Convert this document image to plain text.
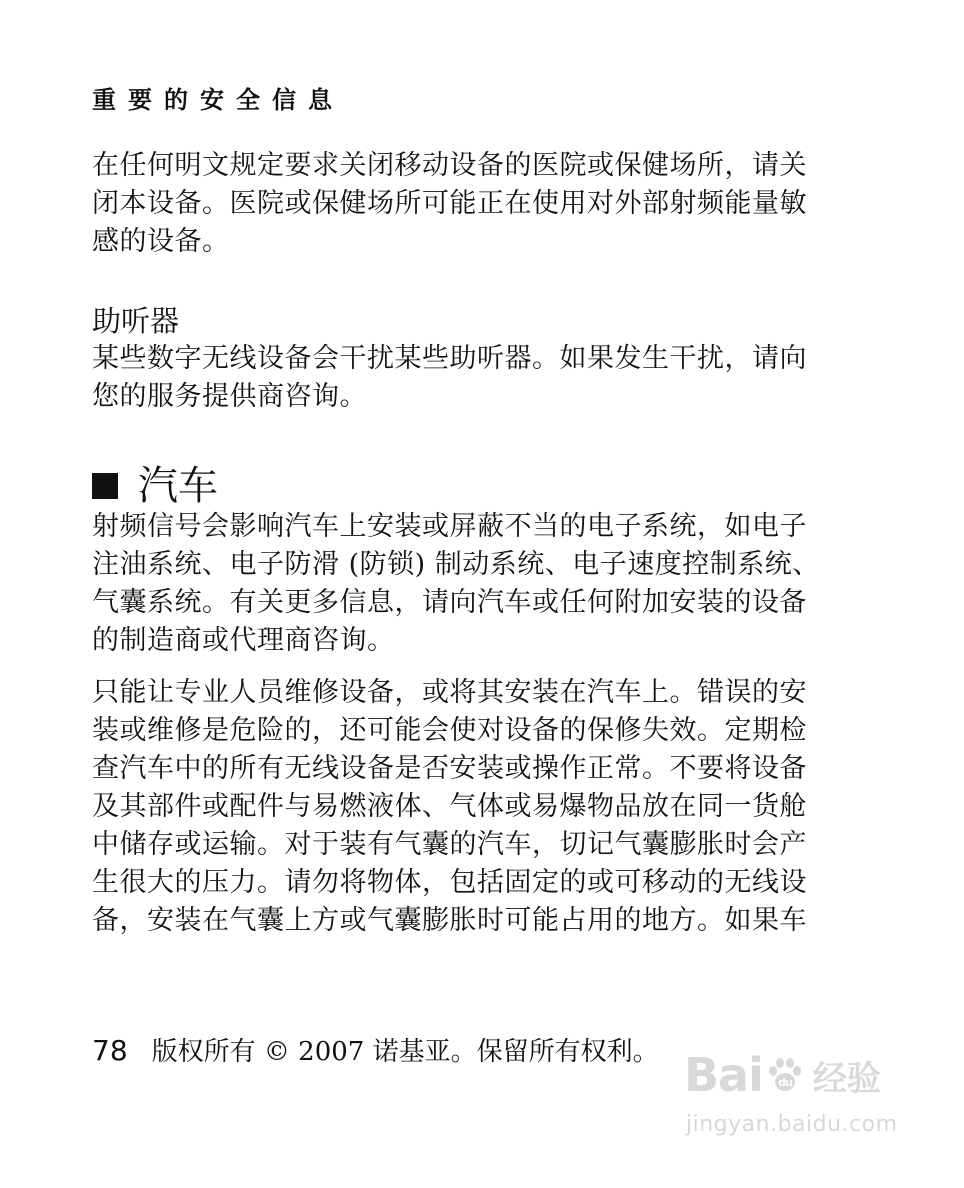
重要的安全信息

在任何明文规定要求关闭移动设备的医院或保健场所，请关闭本设备。医院或保健场所可能正在使用对外部射频能量敏感的设备。

助听器

某些数字无线设备会干扰某些助听器。如果发生干扰，请向您的服务提供商咨询。

汽车

射频信号会影响汽车上安装或屏蔽不当的电子系统，如电子注油系统、电子防滑 (防锁) 制动系统、电子速度控制系统、气囊系统。有关更多信息，请向汽车或任何附加安装的设备的制造商或代理商咨询。

只能让专业人员维修设备，或将其安装在汽车上。错误的安装或维修是危险的，还可能会使对设备的保修失效。定期检查汽车中的所有无线设备是否安装或操作正常。不要将设备及其部件或配件与易燃液体、气体或易爆物品放在同一货舱中储存或运输。对于装有气囊的汽车，切记气囊膨胀时会产生很大的压力。请勿将物体，包括固定的或可移动的无线设备，安装在气囊上方或气囊膨胀时可能占用的地方。如果车

78 版权所有 © 2007 诺基亚。保留所有权利。 Bai du 经验
jingyan.baidu.com
